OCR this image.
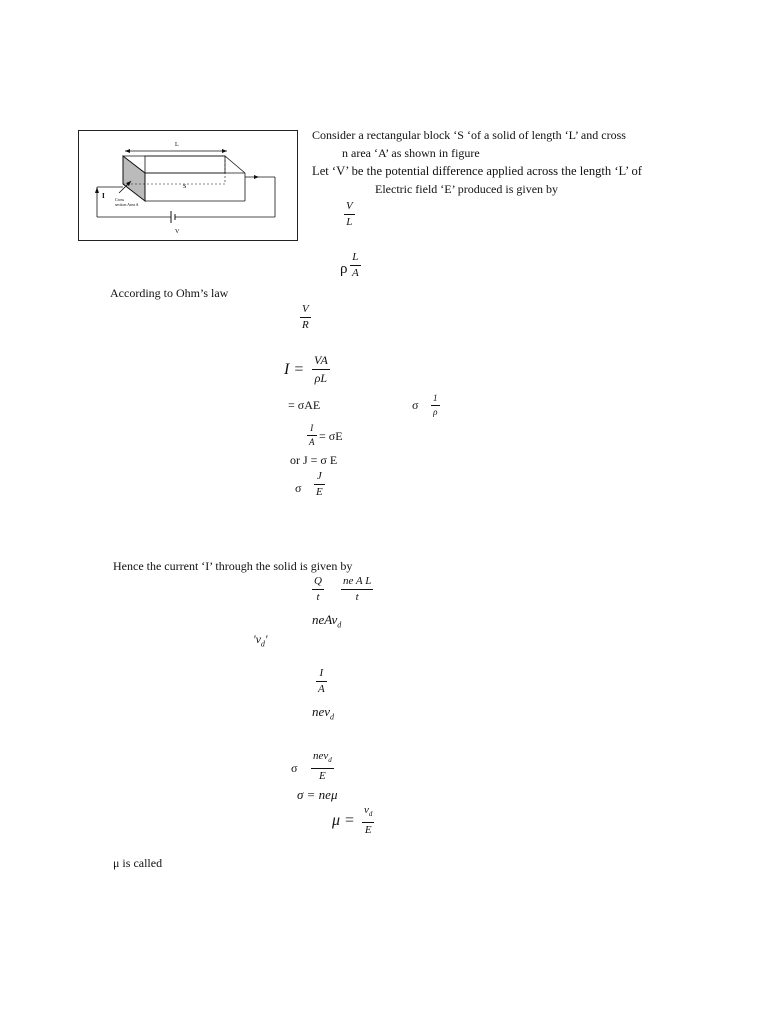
L
S
I
V
Cross
section Area A
Consider a rectangular block ‘S ‘of a solid of length ‘L’ and cross
n area ‘A’ as shown in figure
Let ‘V’ be the potential difference applied across the length ‘L’ of
Electric field ‘E’ produced is given by
V
L
ρ
L
A
According to Ohm’s law
V
R
I =
VA
ρL
= σAE	σ 1
ρ
I
A = σE
or J = σ E
σ
J
E
Hence the current ‘I’ through the solid is given by
Q
t
ne A L
t
neAv$_d$
'$v_d$'
I
A
nev$_d$
σ
nev$_d$
E
σ = neμ
μ =
$v_d$
E
μ is called
